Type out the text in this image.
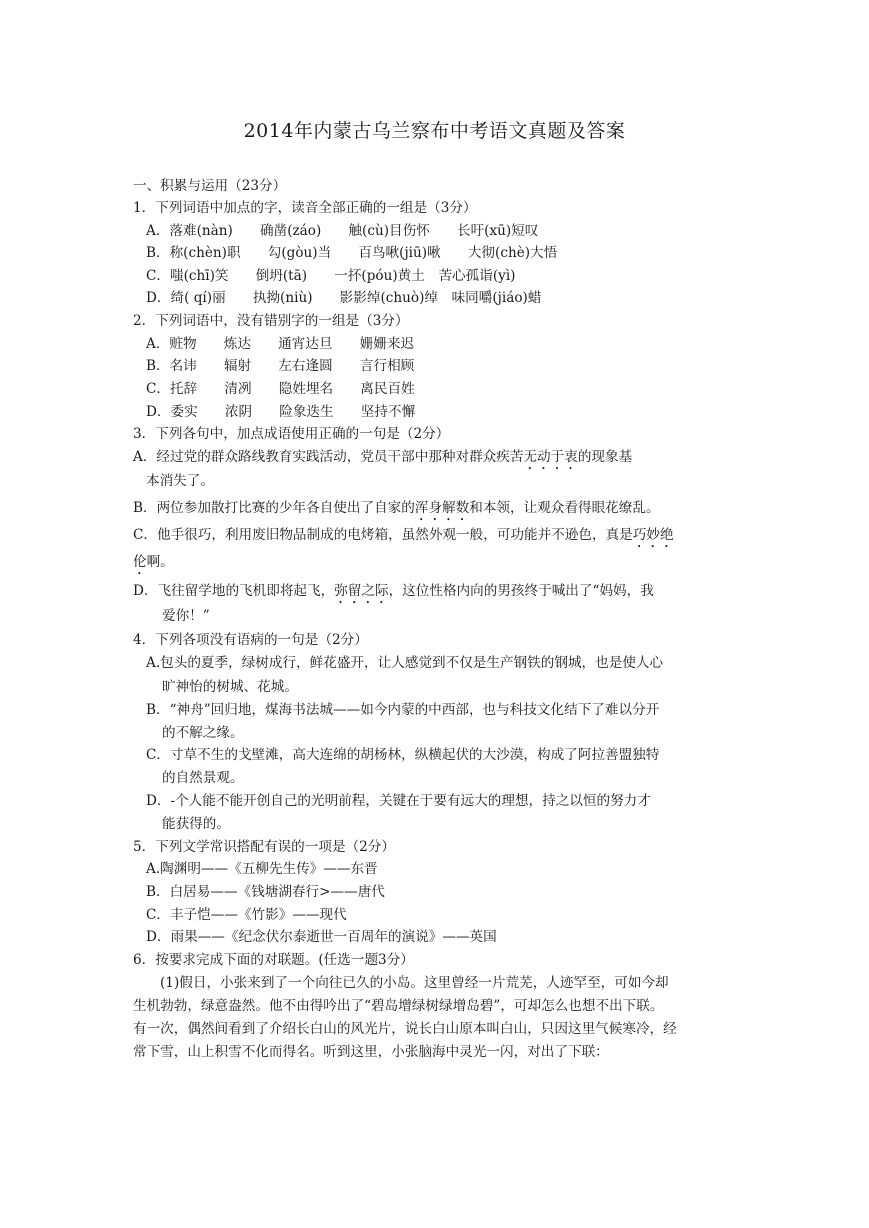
2014年内蒙古乌兰察布中考语文真题及答案
一、积累与运用（23分）
1．下列词语中加点的字，读音全部正确的一组是（3分）
A．落难(nàn)　　确凿(záo)　　触(cù)目伤怀　　长吁(xū)短叹
B．称(chèn)职　　勾(gòu)当　　百鸟啾(jiū)啾　　大彻(chè)大悟
C．嗤(chī)笑　　倒坍(tā)　　一抔(póu)黄土　苦心孤诣(yì)
D．绮( qí)丽　　执拗(niù)　　影影绰(chuò)绰　味同嚼(jiáo)蜡
2．下列词语中，没有错别字的一组是（3分）
A．赃物　　炼达　　通宵达旦　　姗姗来迟
B．名讳　　辐射　　左右逢圆　　言行相顾
C．托辞　　清冽　　隐姓埋名　　离民百姓
D．委实　　浓阴　　险象迭生　　坚持不懈
3．下列各句中，加点成语使用正确的一句是（2分）
A．经过党的群众路线教育实践活动，党员干部中那种对群众疾苦无动于衷的现象基
本消失了。
B．两位参加散打比赛的少年各自使出了自家的浑身解数和本领，让观众看得眼花缭乱。
C．他手很巧，利用废旧物品制成的电烤箱，虽然外观一般，可功能并不逊色，真是巧妙绝
伦啊。
D．飞往留学地的飞机即将起飞，弥留之际，这位性格内向的男孩终于喊出了“妈妈，我
爱你！”
4．下列各项没有语病的一句是（2分）
A.包头的夏季，绿树成行，鲜花盛开，让人感觉到不仅是生产钢铁的钢城，也是使人心
旷神怡的树城、花城。
B．“神舟”回归地，煤海书法城——如今内蒙的中西部，也与科技文化结下了难以分开
的不解之缘。
C．寸草不生的戈壁滩，高大连绵的胡杨林，纵横起伏的大沙漠，构成了阿拉善盟独特
的自然景观。
D．-个人能不能开创自己的光明前程，关键在于要有远大的理想，持之以恒的努力才
能获得的。
5．下列文学常识搭配有误的一项是（2分）
A.陶渊明——《五柳先生传》——东晋
B．白居易——《钱塘湖春行>——唐代
C．丰子恺——《竹影》——现代
D．雨果——《纪念伏尔泰逝世一百周年的演说》——英国
6．按要求完成下面的对联题。(任选一题3分）
(1)假日，小张来到了一个向往已久的小岛。这里曾经一片荒芜，人迹罕至，可如今却
生机勃勃，绿意盎然。他不由得吟出了“碧岛增绿树绿增岛碧”，可却怎么也想不出下联。
有一次，偶然间看到了介绍长白山的风光片，说长白山原本叫白山，只因这里气候寒冷，经
常下雪，山上积雪不化而得名。听到这里，小张脑海中灵光一闪，对出了下联：
